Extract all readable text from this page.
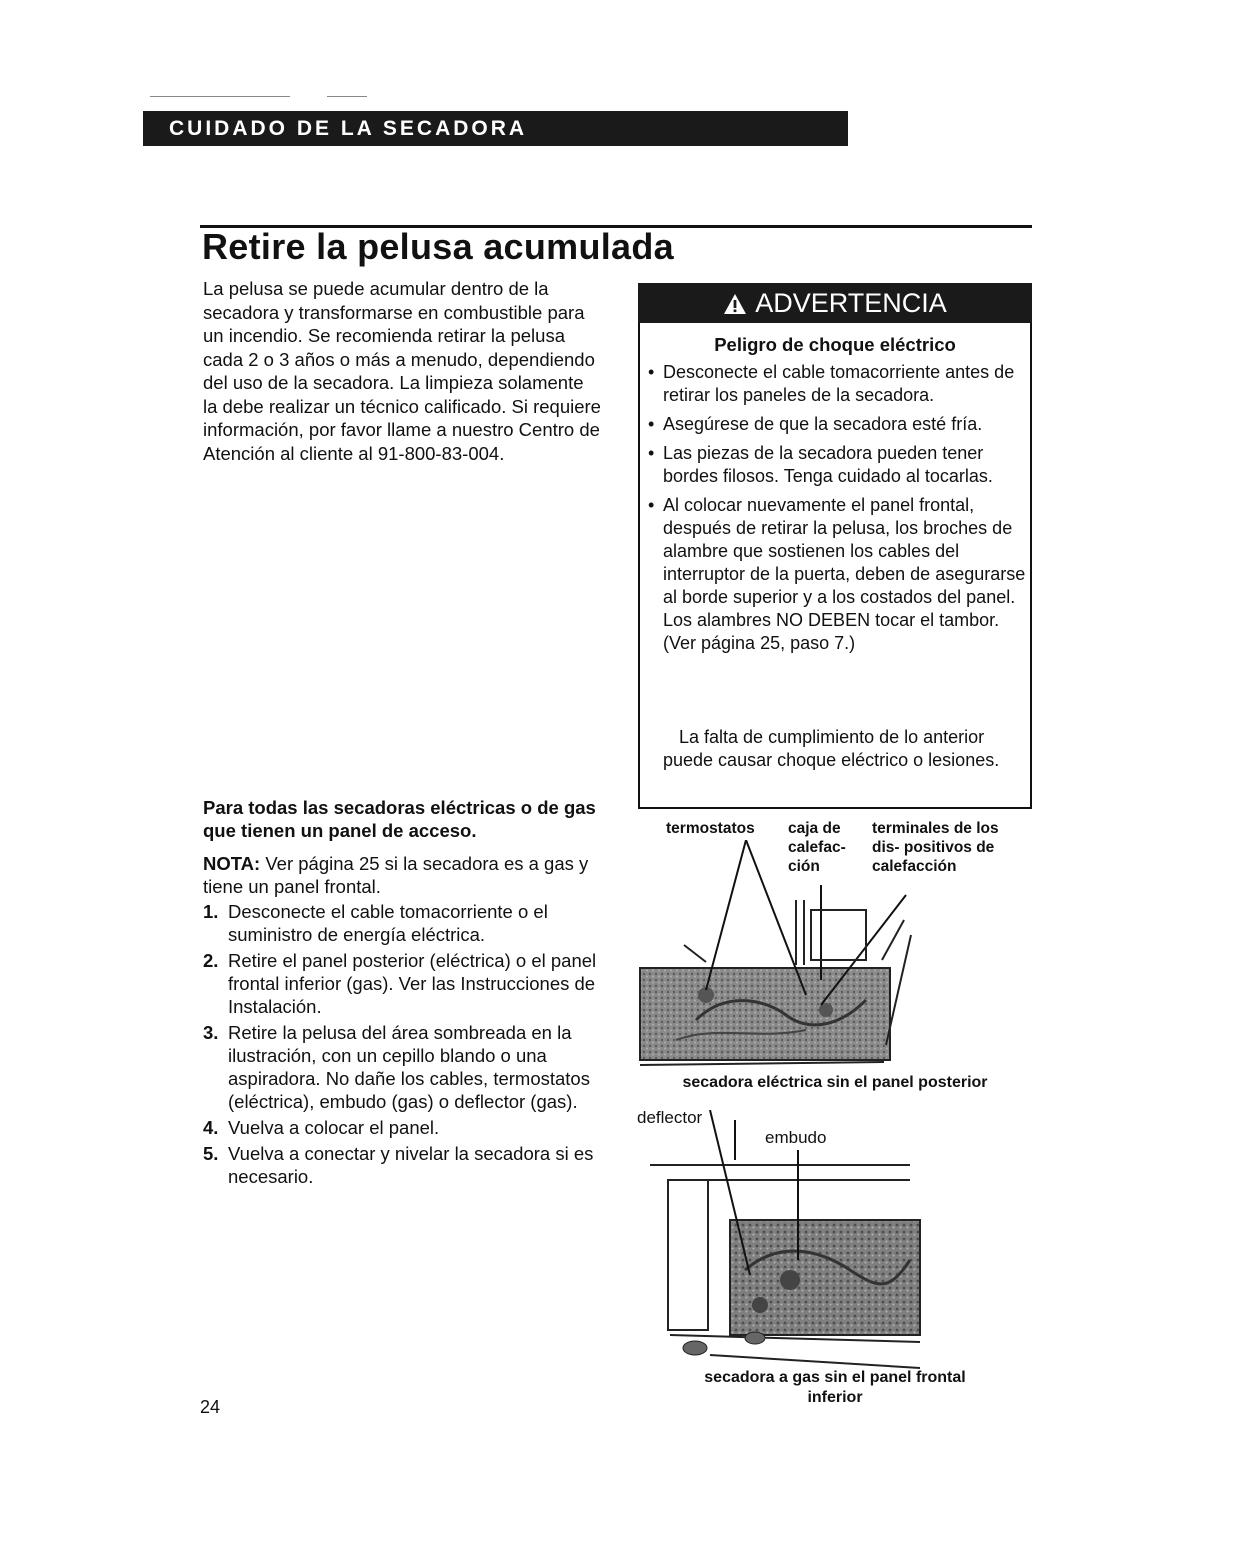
CUIDADO DE LA SECADORA
Retire la pelusa acumulada
La pelusa se puede acumular dentro de la secadora y transformarse en combustible para un incendio. Se recomienda retirar la pelusa cada 2 o 3 años o más a menudo, dependiendo del uso de la secadora. La limpieza solamente la debe realizar un técnico calificado. Si requiere información, por favor llame a nuestro Centro de Atención al cliente al 91-800-83-004.
ADVERTENCIA
Peligro de choque eléctrico
• Desconecte el cable tomacorriente antes de retirar los paneles de la secadora.
• Asegúrese de que la secadora esté fría.
• Las piezas de la secadora pueden tener bordes filosos. Tenga cuidado al tocarlas.
• Al colocar nuevamente el panel frontal, después de retirar la pelusa, los broches de alambre que sostienen los cables del interruptor de la puerta, deben de asegurarse al borde superior y a los costados del panel. Los alambres NO DEBEN tocar el tambor. (Ver página 25, paso 7.)
La falta de cumplimiento de lo anterior puede causar choque eléctrico o lesiones.
Para todas las secadoras eléctricas o de gas que tienen un panel de acceso.
NOTA: Ver página 25 si la secadora es a gas y tiene un panel frontal.
1. Desconecte el cable tomacorriente o el suministro de energía eléctrica.
2. Retire el panel posterior (eléctrica) o el panel frontal inferior (gas). Ver las Instrucciones de Instalación.
3. Retire la pelusa del área sombreada en la ilustración, con un cepillo blando o una aspiradora. No dañe los cables, termostatos (eléctrica), embudo (gas) o deflector (gas).
4. Vuelva a colocar el panel.
5. Vuelva a conectar y nivelar la secadora si es necesario.
termostatos caja de calefac- ción
terminales de los dis- positivos de calefacción
secadora eléctrica sin el panel posterior
deflector
embudo
secadora a gas sin el panel frontal inferior
24
